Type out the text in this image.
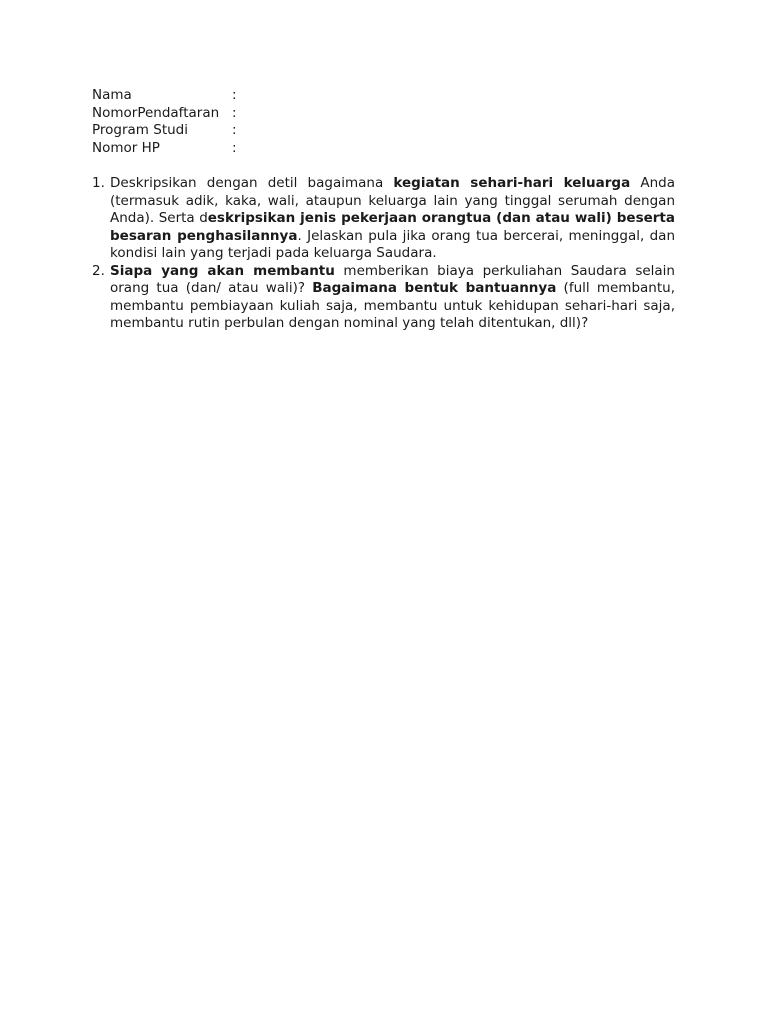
Nama	:
NomorPendaftaran :
Program Studi	:
Nomor HP	:
1. Deskripsikan dengan detil bagaimana kegiatan sehari-hari keluarga Anda (termasuk adik, kaka, wali, ataupun keluarga lain yang tinggal serumah dengan Anda). Serta deskripsikan jenis pekerjaan orangtua (dan atau wali) beserta besaran penghasilannya. Jelaskan pula jika orang tua bercerai, meninggal, dan kondisi lain yang terjadi pada keluarga Saudara.
2. Siapa yang akan membantu memberikan biaya perkuliahan Saudara selain orang tua (dan/ atau wali)? Bagaimana bentuk bantuannya (full membantu, membantu pembiayaan kuliah saja, membantu untuk kehidupan sehari-hari saja, membantu rutin perbulan dengan nominal yang telah ditentukan, dll)?
